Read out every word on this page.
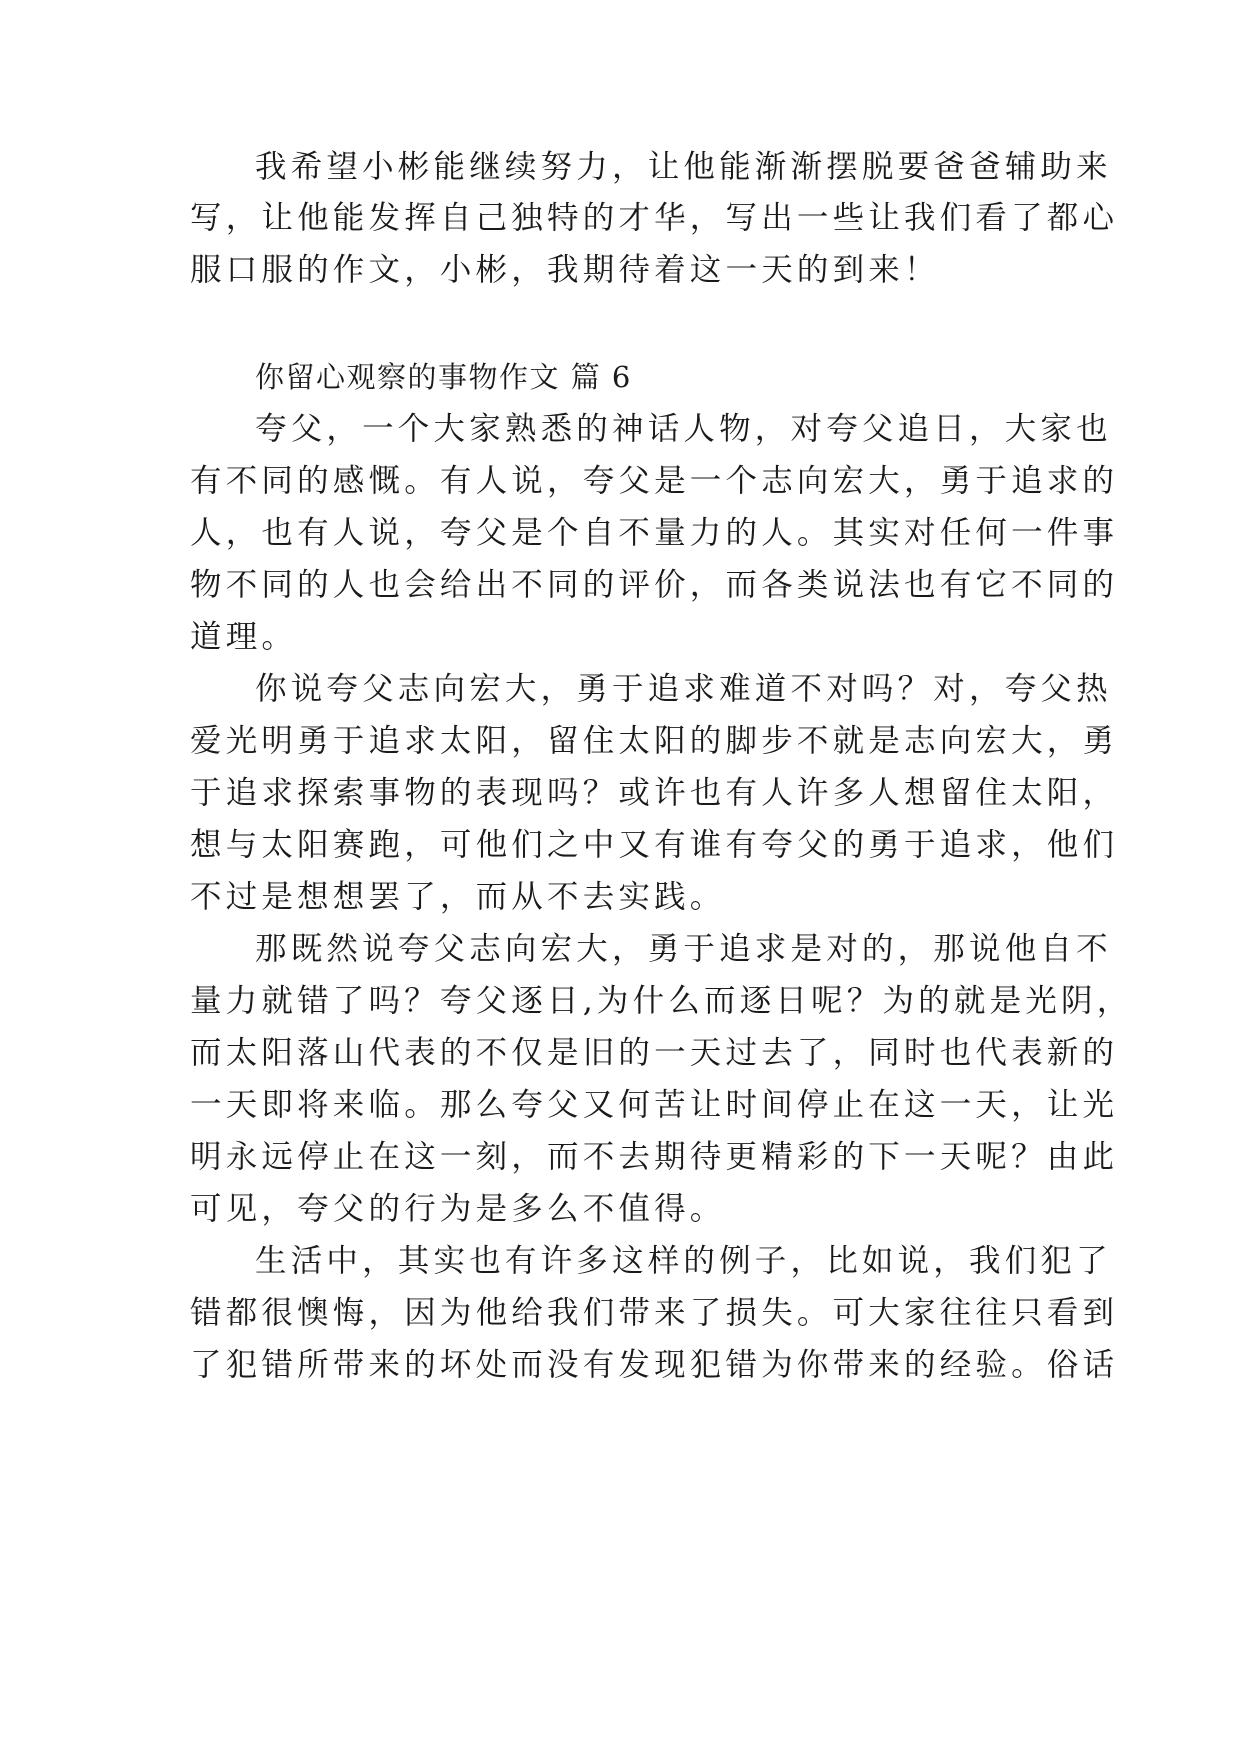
我希望小彬能继续努力，让他能渐渐摆脱要爸爸辅助来
写，让他能发挥自己独特的才华，写出一些让我们看了都心
服口服的作文，小彬，我期待着这一天的到来！
你留心观察的事物作文 篇 6
夸父，一个大家熟悉的神话人物，对夸父追日，大家也
有不同的感慨。有人说，夸父是一个志向宏大，勇于追求的
人，也有人说，夸父是个自不量力的人。其实对任何一件事
物不同的人也会给出不同的评价，而各类说法也有它不同的
道理。
你说夸父志向宏大，勇于追求难道不对吗？对，夸父热
爱光明勇于追求太阳，留住太阳的脚步不就是志向宏大，勇
于追求探索事物的表现吗？或许也有人许多人想留住太阳，
想与太阳赛跑，可他们之中又有谁有夸父的勇于追求，他们
不过是想想罢了，而从不去实践。
那既然说夸父志向宏大，勇于追求是对的，那说他自不
量力就错了吗？夸父逐日,为什么而逐日呢？为的就是光阴，
而太阳落山代表的不仅是旧的一天过去了，同时也代表新的
一天即将来临。那么夸父又何苦让时间停止在这一天，让光
明永远停止在这一刻，而不去期待更精彩的下一天呢？由此
可见，夸父的行为是多么不值得。
生活中，其实也有许多这样的例子，比如说，我们犯了
错都很懊悔，因为他给我们带来了损失。可大家往往只看到
了犯错所带来的坏处而没有发现犯错为你带来的经验。俗话
